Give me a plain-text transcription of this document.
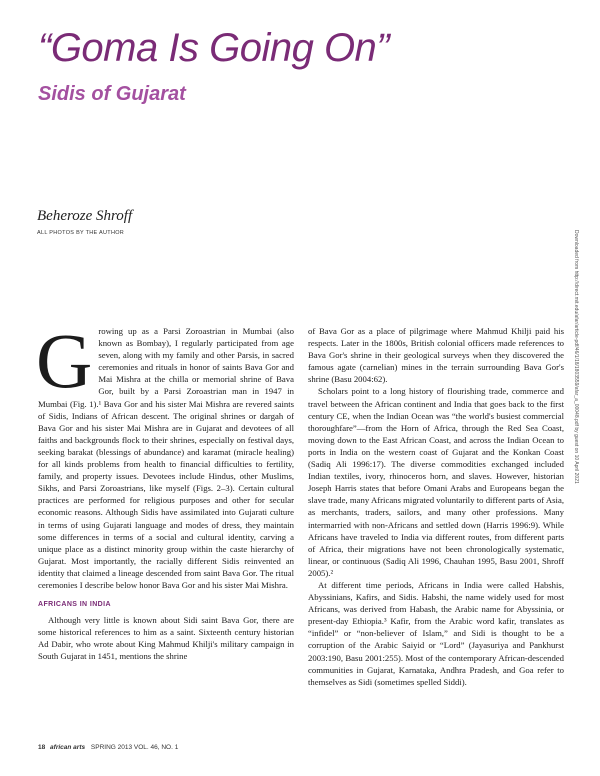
“Goma Is Going On”
Sidis of Gujarat
Beheroze Shroff
ALL PHOTOS BY THE AUTHOR	Downloaded from http://direct.mit.edu/afar/article-pdf/46/1/18/1803559/afar_a_00048.pdf by guest on 10 April 2021

Growing up as a Parsi Zoroastrian in Mumbai (also known as Bombay), I regularly participated from age seven, along with my family and other Parsis, in sacred ceremonies and rituals in honor of saints Bava Gor and Mai Mishra at the chilla or memorial shrine of Bava Gor, built by a Parsi Zoroastrian man in 1947 in Mumbai (Fig. 1).¹ Bava Gor and his sister Mai Mishra are revered saints of Sidis, Indians of African descent. The original shrines or dargah of Bava Gor and his sister Mai Mishra are in Gujarat and devotees of all faiths and backgrounds flock to their shrines, especially on festival days, seeking barakat (blessings of abundance) and karamat (miracle healing) for all kinds problems from health to financial difficulties to fertility, family, and property issues. Devotees include Hindus, other Muslims, Sikhs, and Parsi Zoroastrians, like myself (Figs. 2–3). Certain cultural practices are performed for religious purposes and other for secular economic reasons. Although Sidis have assimilated into Gujarati culture in terms of using Gujarati language and modes of dress, they maintain some differences in terms of a social and cultural identity, carving a unique place as a distinct minority group within the caste hierarchy of Gujarat. Most importantly, the racially different Sidis reinvented an identity that claimed a lineage descended from saint Bava Gor. The ritual ceremonies I describe below honor Bava Gor and his sister Mai Mishra.

AFRICANS IN INDIA

Although very little is known about Sidi saint Bava Gor, there are some historical references to him as a saint. Sixteenth century historian Ad Dabir, who wrote about King Mahmud Khilji's military campaign in South Gujarat in 1451, mentions the shrine

of Bava Gor as a place of pilgrimage where Mahmud Khilji paid his respects. Later in the 1800s, British colonial officers made references to Bava Gor's shrine in their geological surveys when they discovered the famous agate (carnelian) mines in the terrain surrounding Bava Gor's shrine (Basu 2004:62).

Scholars point to a long history of flourishing trade, commerce and travel between the African continent and India that goes back to the first century CE, when the Indian Ocean was “the world's busiest commercial thoroughfare”—from the Horn of Africa, through the Red Sea Coast, moving down to the East African Coast, and across the Indian Ocean to ports in India on the western coast of Gujarat and the Konkan Coast (Sadiq Ali 1996:17). The diverse commodities exchanged included Indian textiles, ivory, rhinoceros horn, and slaves. However, historian Joseph Harris states that before Omani Arabs and Europeans began the slave trade, many Africans migrated voluntarily to different parts of Asia, as merchants, traders, sailors, and many other professions. Many intermarried with non-Africans and settled down (Harris 1996:9). While Africans have traveled to India via different routes, from different parts of Africa, their migrations have not been chronologically systematic, linear, or continuous (Sadiq Ali 1996, Chauhan 1995, Basu 2001, Shroff 2005).²

At different time periods, Africans in India were called Habshis, Abyssinians, Kafirs, and Sidis. Habshi, the name widely used for most Africans, was derived from Habash, the Arabic name for Abyssinia, or present-day Ethiopia.³ Kafir, from the Arabic word kafir, translates as “infidel” or “non-believer of Islam,” and Sidi is thought to be a corruption of the Arabic Saiyid or “Lord” (Jayasuriya and Pankhurst 2003:190, Basu 2001:255). Most of the contemporary African-descended communities in Gujarat, Karnataka, Andhra Pradesh, and Goa refer to themselves as Sidi (sometimes spelled Siddi).

18 african arts SPRING 2013 VOL. 46, NO. 1
